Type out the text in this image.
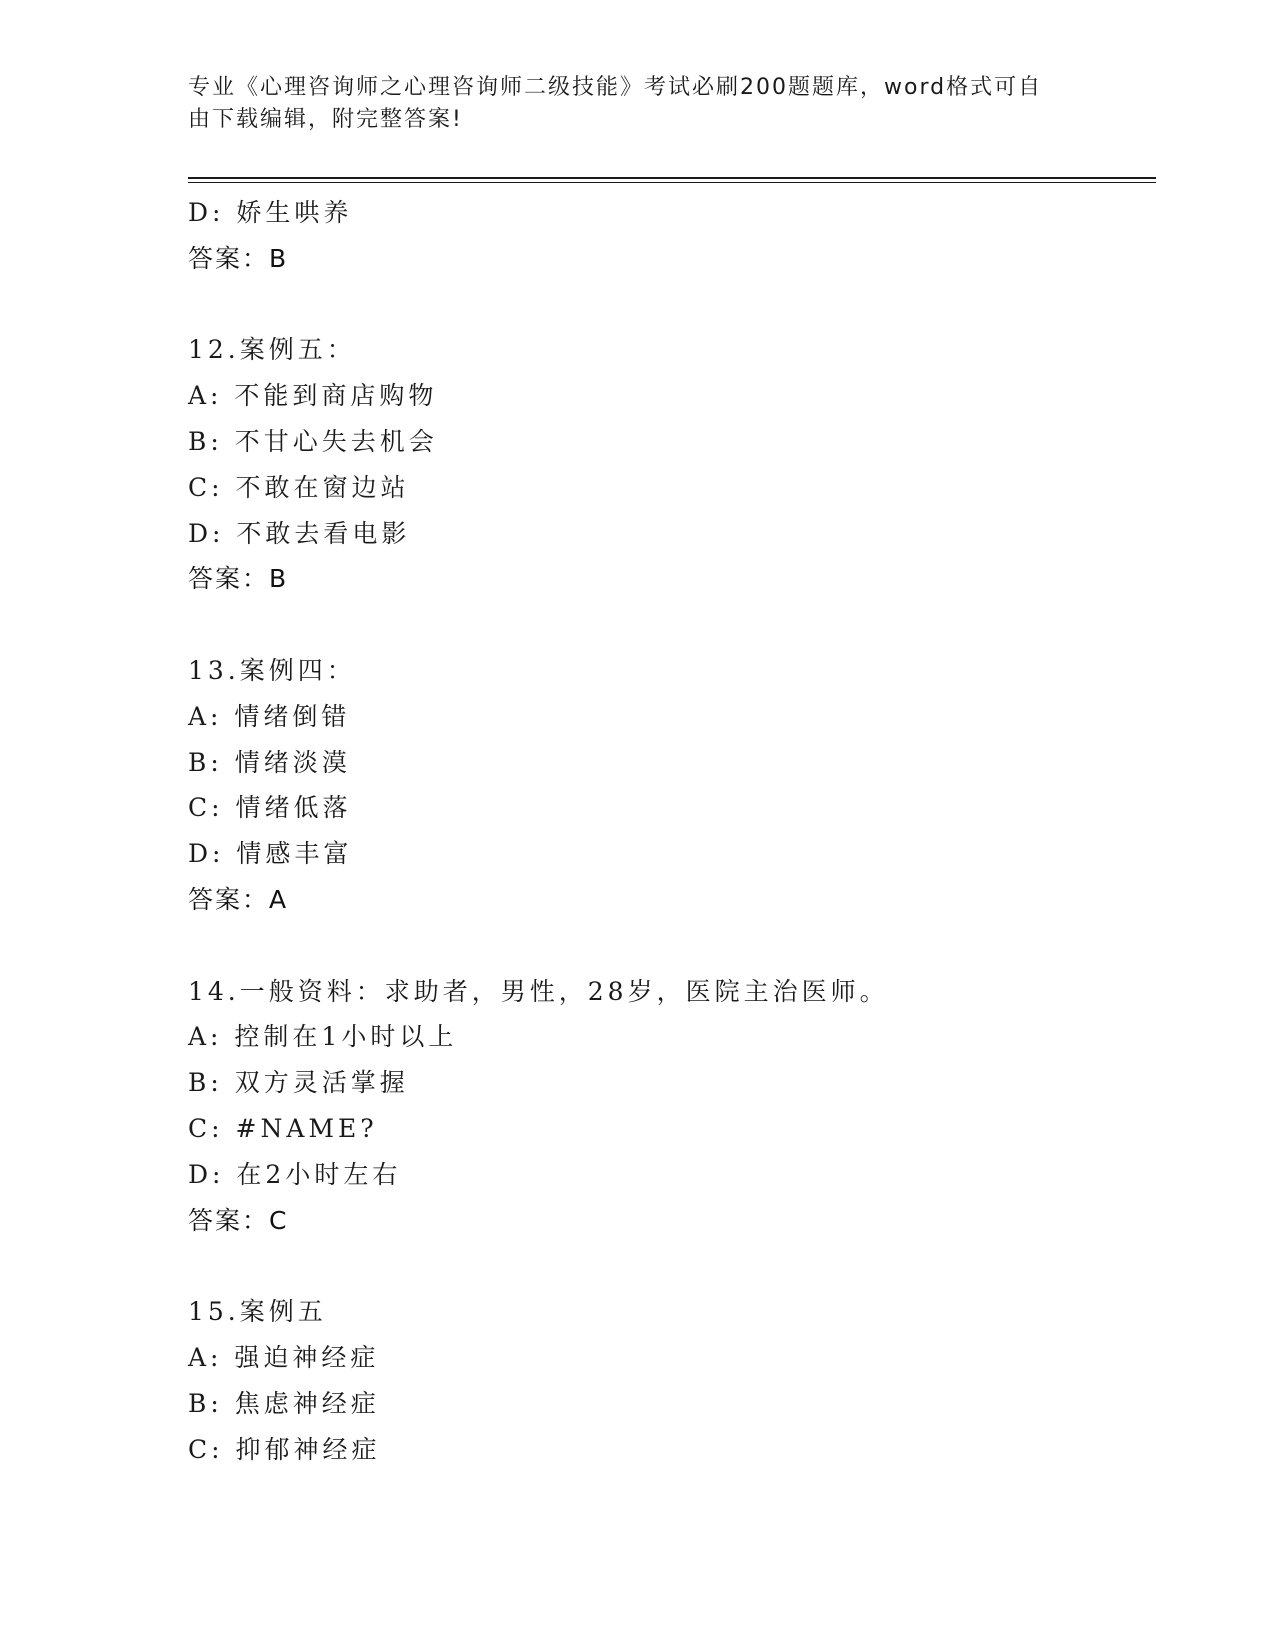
专业《心理咨询师之心理咨询师二级技能》考试必刷200题题库，word格式可自
由下载编辑，附完整答案!
D: 娇生哄养
答案：B
12.案例五：
A: 不能到商店购物
B: 不甘心失去机会
C: 不敢在窗边站
D: 不敢去看电影
答案：B
13.案例四：
A: 情绪倒错
B: 情绪淡漠
C: 情绪低落
D: 情感丰富
答案：A
14.一般资料：求助者，男性，28岁，医院主治医师。
A: 控制在1小时以上
B: 双方灵活掌握
C: #NAME?
D: 在2小时左右
答案：C
15.案例五
A: 强迫神经症
B: 焦虑神经症
C: 抑郁神经症
